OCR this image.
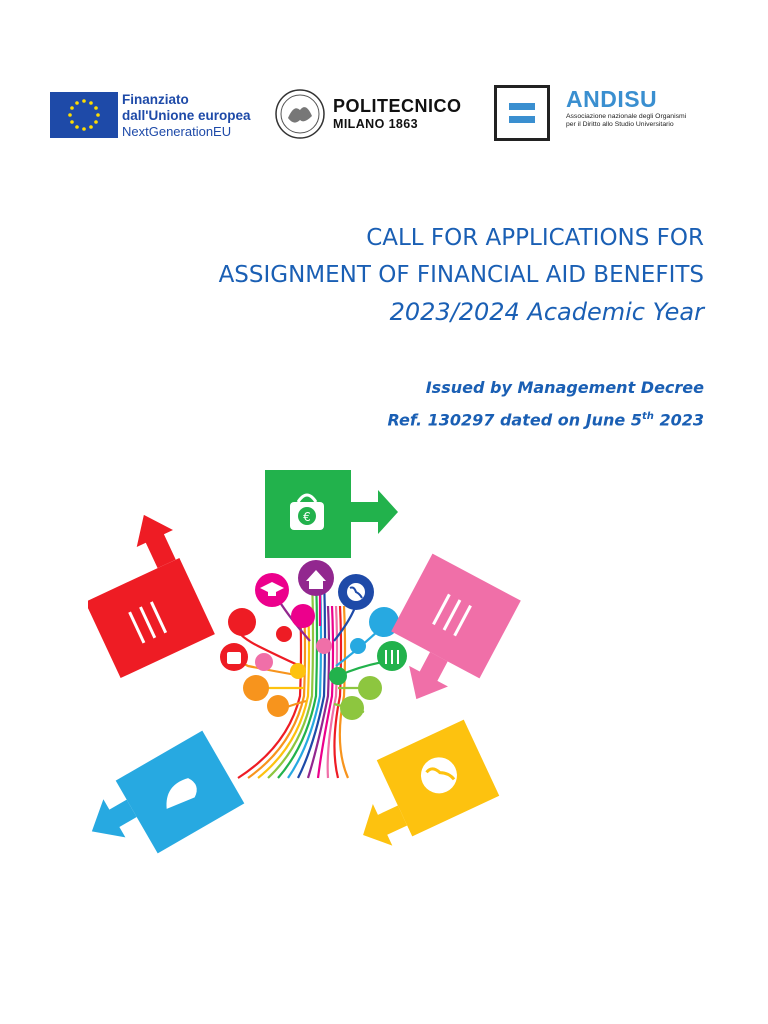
Finanziato
dall'Unione europea
NextGenerationEU
POLITECNICO
MILANO 1863
ANDISU
Associazione nazionale degli Organismi
per il Diritto allo Studio Universitario
CALL FOR APPLICATIONS FOR
ASSIGNMENT OF FINANCIAL AID BENEFITS
2023/2024 Academic Year
Issued by Management Decree
Ref. 130297 dated on June 5th 2023
€
